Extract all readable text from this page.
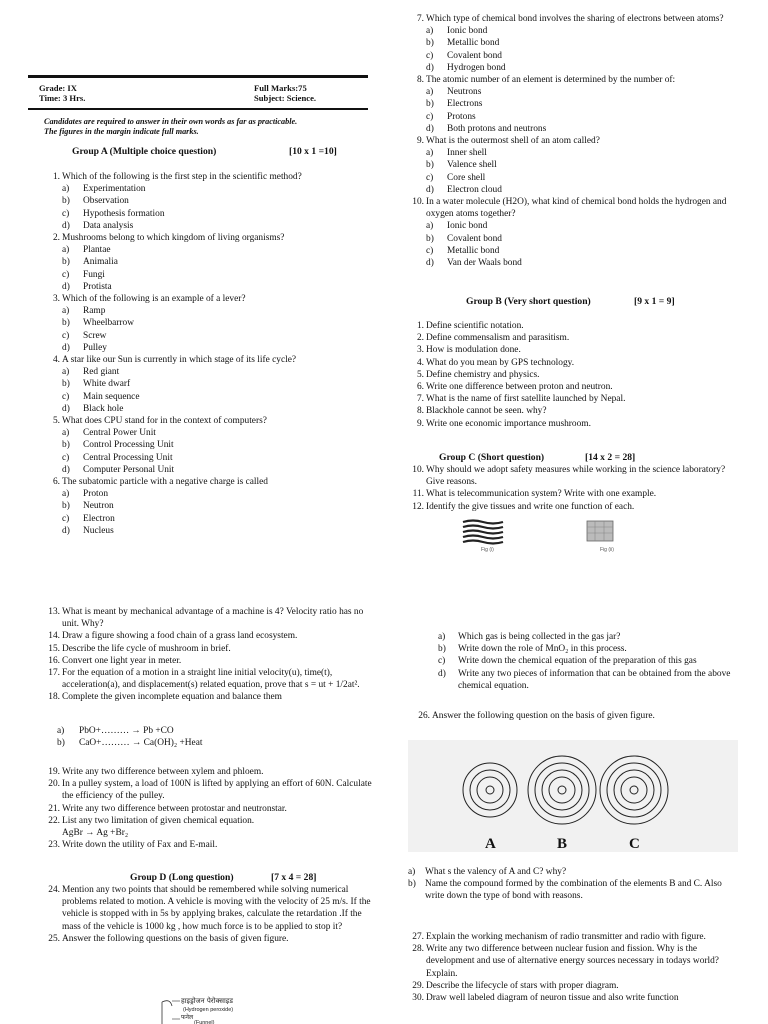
Grade: IX
Time: 3 Hrs.
Full Marks:75
Subject: Science.
Candidates are required to answer in their own words as far as practicable.
The figures in the margin indicate full marks.
Group A (Multiple choice question)	[10 x 1 =10]
1. Which of the following is the first step in the scientific method?
a)	Experimentation
b)	Observation
c)	Hypothesis formation
d)	Data analysis
2. Mushrooms belong to which kingdom of living organisms?
a)	Plantae
b)	Animalia
c)	Fungi
d)	Protista
3. Which of the following is an example of a lever?
a)	Ramp
b)	Wheelbarrow
c)	Screw
d)	Pulley
4. A star like our Sun is currently in which stage of its life cycle?
a)	Red giant
b)	White dwarf
c)	Main sequence
d)	Black hole
5. What does CPU stand for in the context of computers?
a)	Central Power Unit
b)	Control Processing Unit
c)	Central Processing Unit
d)	Computer Personal Unit
6. The subatomic particle with a negative charge is called
a)	Proton
b)	Neutron
c)	Electron
d)	Nucleus
7. Which type of chemical bond involves the sharing of electrons between atoms?
a)	Ionic bond
b)	Metallic bond
c)	Covalent bond
d)	Hydrogen bond
8. The atomic number of an element is determined by the number of:
a)	Neutrons
b)	Electrons
c)	Protons
d)	Both protons and neutrons
9. What is the outermost shell of an atom called?
a)	Inner shell
b)	Valence shell
c)	Core shell
d)	Electron cloud
10. In a water molecule (H2O), what kind of chemical bond holds the hydrogen and oxygen atoms together?
a)	Ionic bond
b)	Covalent bond
c)	Metallic bond
d)	Van der Waals bond
Group B (Very short question)	[9 x 1 = 9]
1. Define scientific notation.
2. Define commensalism and parasitism.
3. How is modulation done.
4. What do you mean by GPS technology.
5. Define chemistry and physics.
6. Write one difference between proton and neutron.
7. What is the name of first satellite launched by Nepal.
8. Blackhole cannot be seen. why?
9. Write one economic importance mushroom.
Group C (Short question)	[14 x 2 = 28]
10. Why should we adopt safety measures while working in the science laboratory? Give reasons.
11. What is telecommunication system? Write with one example.
12. Identify the give tissues and write one function of each.
Fig (i)	Fig (ii)
13. What is meant by mechanical advantage of a machine is 4? Velocity ratio has no unit. Why?
14. Draw a figure showing a food chain of a grass land ecosystem.
15. Describe the life cycle of mushroom in brief.
16. Convert one light year in meter.
17. For the equation of a motion in a straight line initial velocity(u), time(t), acceleration(a), and displacement(s) related equation, prove that s = ut + 1/2at².
18. Complete the given incomplete equation and balance them
a) PbO+……… → Pb +CO
b) CaO+……… → Ca(OH)₂ +Heat
19. Write any two difference between xylem and phloem.
20. In a pulley system, a load of 100N is lifted by applying an effort of 60N. Calculate the efficiency of the pulley.
21. Write any two difference between protostar and neutronstar.
22. List any two limitation of given chemical equation.
AgBr → Ag +Br₂
23. Write down the utility of Fax and E-mail.
Group D (Long question)	[7 x 4 = 28]
24. Mention any two points that should be remembered while solving numerical problems related to motion. A vehicle is moving with the velocity of 25 m/s. If the vehicle is stopped with in 5s by applying brakes, calculate the retardation .If the mass of the vehicle is 1000 kg , how much force is to be applied to stop it?
25. Answer the following questions on the basis of given figure.
हाइड्रोजन पेरोक्साइड
(Hydrogen peroxide)
फनेल
(Funnel)
a) Which gas is being collected in the gas jar?
b) Write down the role of MnO₂ in this process.
c) Write down the chemical equation of the preparation of this gas
d) Write any two pieces of information that can be obtained from the above chemical equation.
26. Answer the following question on the basis of given figure.
A	B	C
a) What s the valency of A and C? why?
b) Name the compound formed by the combination of the elements B and C. Also write down the type of bond with reasons.
27. Explain the working mechanism of radio transmitter and radio with figure.
28. Write any two difference between nuclear fusion and fission. Why is the development and use of alternative energy sources necessary in todays world? Explain.
29. Describe the lifecycle of stars with proper diagram.
30. Draw well labeled diagram of neuron tissue and also write function
